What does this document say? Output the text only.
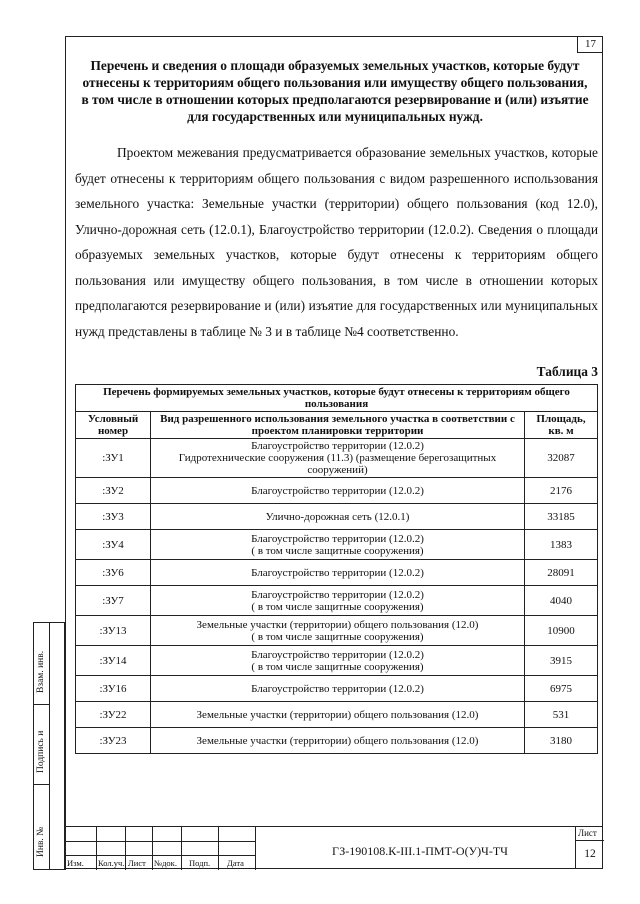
17
Перечень и сведения о площади образуемых земельных участков, которые будут отнесены к территориям общего пользования или имуществу общего пользования, в том числе в отношении которых предполагаются резервирование и (или) изъятие для государственных или муниципальных нужд.
Проектом межевания предусматривается образование земельных участков, которые будет отнесены к территориям общего пользования с видом разрешенного использования земельного участка: Земельные участки (территории) общего пользования (код 12.0), Улично-дорожная сеть (12.0.1), Благоустройство территории (12.0.2). Сведения о площади образуемых земельных участков, которые будут отнесены к территориям общего пользования или имуществу общего пользования, в том числе в отношении которых предполагаются резервирование и (или) изъятие для государственных или муниципальных нужд представлены в таблице № 3 и в таблице №4 соответственно.
Таблица 3
Перечень формируемых земельных участков, которые будут отнесены к территориям общего пользования		
Условный номер	Вид разрешенного использования земельного участка в соответствии с проектом планировки территории	Площадь, кв. м
:ЗУ1	Благоустройство территории (12.0.2)
Гидротехнические сооружения (11.3) (размещение берегозащитных сооружений)	32087
:ЗУ2	Благоустройство территории (12.0.2)	2176
:ЗУ3	Улично-дорожная сеть (12.0.1)	33185
:ЗУ4	Благоустройство территории (12.0.2)
( в том числе защитные сооружения)	1383
:ЗУ6	Благоустройство территории (12.0.2)	28091
:ЗУ7	Благоустройство территории (12.0.2)
( в том числе защитные сооружения)	4040
:ЗУ13	Земельные участки (территории) общего пользования (12.0)
( в том числе защитные сооружения)	10900
:ЗУ14	Благоустройство территории (12.0.2)
( в том числе защитные сооружения)	3915
:ЗУ16	Благоустройство территории (12.0.2)	6975
:ЗУ22	Земельные участки (территории) общего пользования (12.0)	531
:ЗУ23	Земельные участки (территории) общего пользования (12.0)	3180
Взам. инв.
Подпись и
Инв. №
Изм. Кол.уч. Лист №док. Подп. Дата
ГЗ-190108.К-III.1-ПМТ-О(У)Ч-ТЧ
Лист
12
